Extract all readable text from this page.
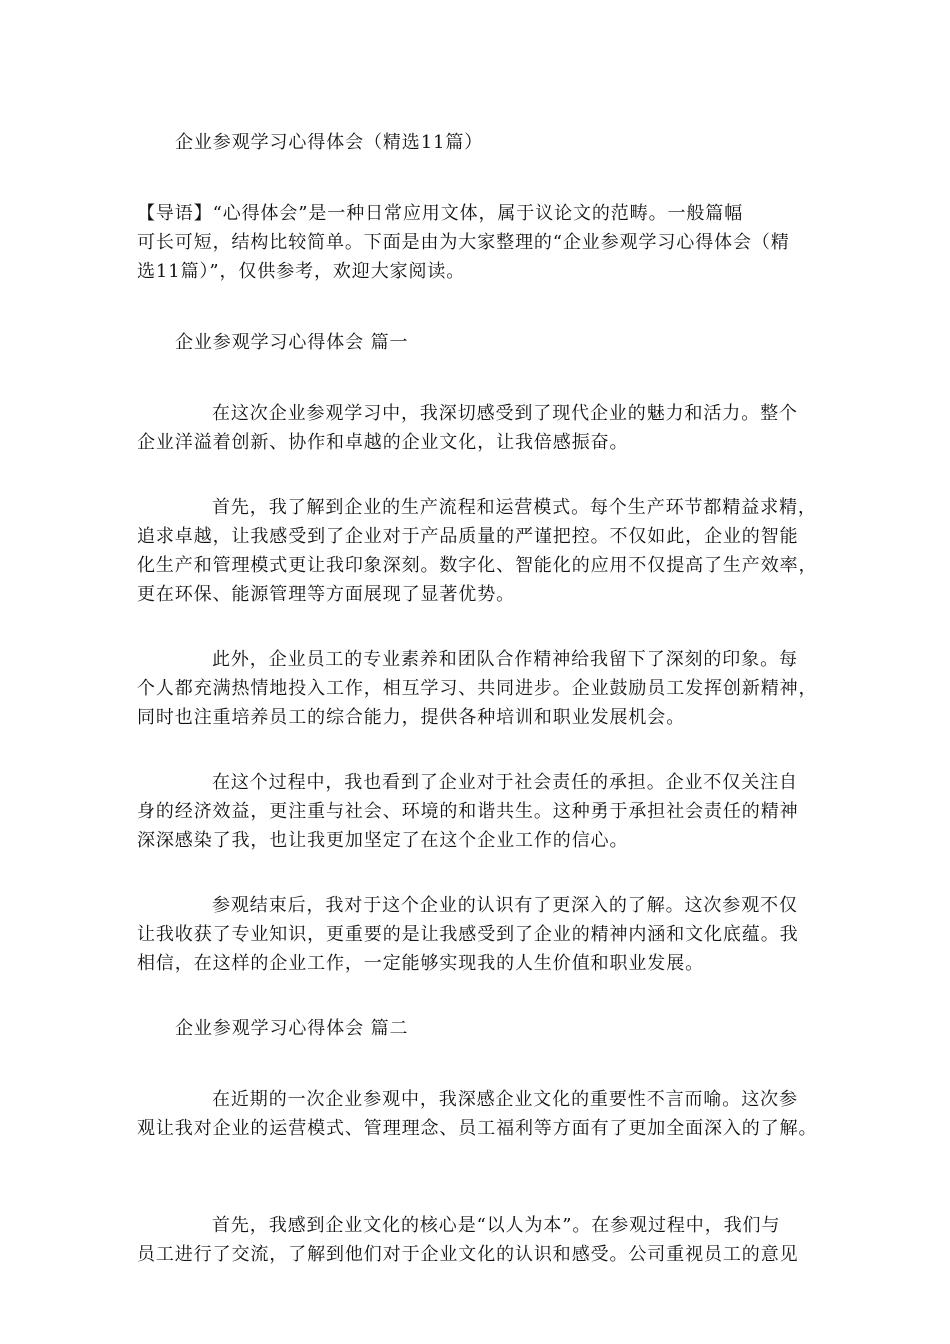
企业参观学习心得体会（精选11篇）
【导语】“心得体会”是一种日常应用文体，属于议论文的范畴。一般篇幅
可长可短，结构比较简单。下面是由为大家整理的“企业参观学习心得体会（精
选11篇）”，仅供参考，欢迎大家阅读。
企业参观学习心得体会 篇一
在这次企业参观学习中，我深切感受到了现代企业的魅力和活力。整个
企业洋溢着创新、协作和卓越的企业文化，让我倍感振奋。
首先，我了解到企业的生产流程和运营模式。每个生产环节都精益求精，
追求卓越，让我感受到了企业对于产品质量的严谨把控。不仅如此，企业的智能
化生产和管理模式更让我印象深刻。数字化、智能化的应用不仅提高了生产效率，
更在环保、能源管理等方面展现了显著优势。
此外，企业员工的专业素养和团队合作精神给我留下了深刻的印象。每
个人都充满热情地投入工作，相互学习、共同进步。企业鼓励员工发挥创新精神，
同时也注重培养员工的综合能力，提供各种培训和职业发展机会。
在这个过程中，我也看到了企业对于社会责任的承担。企业不仅关注自
身的经济效益，更注重与社会、环境的和谐共生。这种勇于承担社会责任的精神
深深感染了我，也让我更加坚定了在这个企业工作的信心。
参观结束后，我对于这个企业的认识有了更深入的了解。这次参观不仅
让我收获了专业知识，更重要的是让我感受到了企业的精神内涵和文化底蕴。我
相信，在这样的企业工作，一定能够实现我的人生价值和职业发展。
企业参观学习心得体会 篇二
在近期的一次企业参观中，我深感企业文化的重要性不言而喻。这次参
观让我对企业的运营模式、管理理念、员工福利等方面有了更加全面深入的了解。
首先，我感到企业文化的核心是“以人为本”。在参观过程中，我们与
员工进行了交流，了解到他们对于企业文化的认识和感受。公司重视员工的意见
